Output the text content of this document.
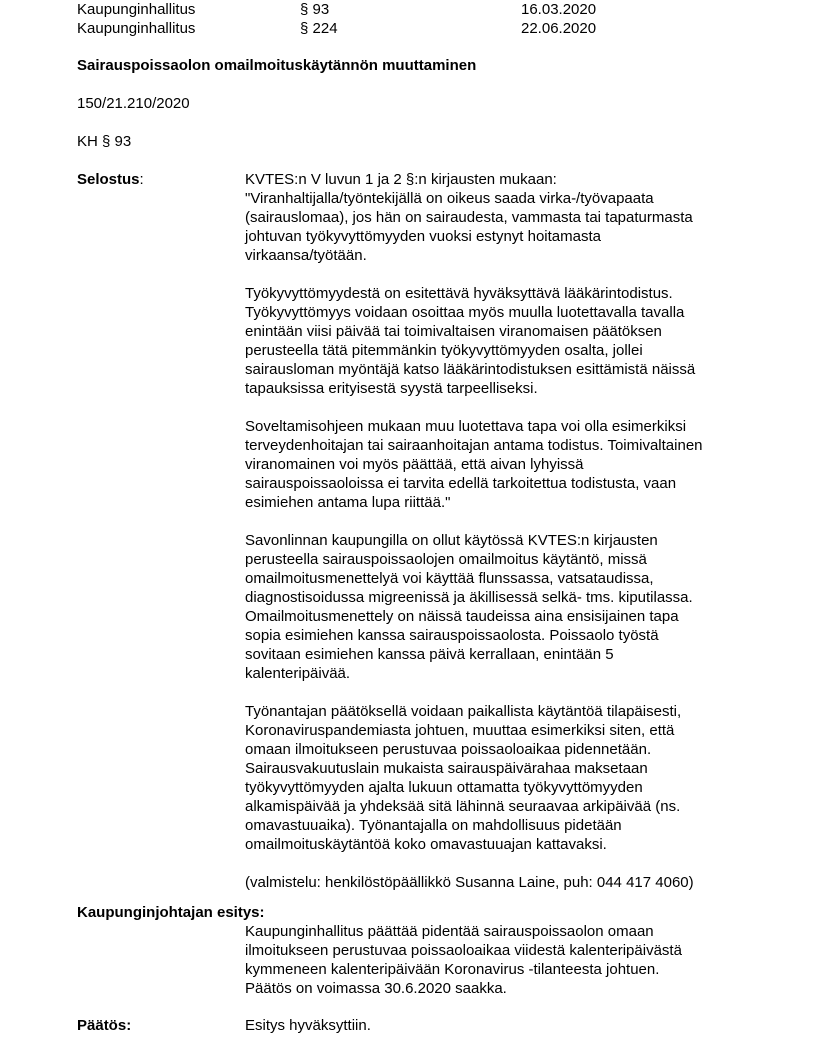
Kaupunginhallitus	§ 93	16.03.2020
Kaupunginhallitus	§ 224	22.06.2020
Sairauspoissaolon omailmoituskäytännön muuttaminen
150/21.210/2020
KH § 93
Selostus:	KVTES:n V luvun 1 ja 2 §:n kirjausten mukaan:
"Viranhaltijalla/työntekijällä on oikeus saada virka-/työvapaata
(sairauslomaa), jos hän on sairaudesta, vammasta tai tapaturmasta
johtuvan työkyvyttömyyden vuoksi estynyt hoitamasta
virkaansa/työtään.
Työkyvyttömyydestä on esitettävä hyväksyttävä lääkärintodistus.
Työkyvyttömyys voidaan osoittaa myös muulla luotettavalla tavalla
enintään viisi päivää tai toimivaltaisen viranomaisen päätöksen
perusteella tätä pitemmänkin työkyvyttömyyden osalta, jollei
sairausloman myöntäjä katso lääkärintodistuksen esittämistä näissä
tapauksissa erityisestä syystä tarpeelliseksi.
Soveltamisohjeen mukaan muu luotettava tapa voi olla esimerkiksi
terveydenhoitajan tai sairaanhoitajan antama todistus. Toimivaltainen
viranomainen voi myös päättää, että aivan lyhyissä
sairauspoissaoloissa ei tarvita edellä tarkoitettua todistusta, vaan
esimiehen antama lupa riittää."
Savonlinnan kaupungilla on ollut käytössä KVTES:n kirjausten
perusteella sairauspoissaolojen omailmoitus käytäntö, missä
omailmoitusmenettelyä voi käyttää flunssassa, vatsataudissa,
diagnostisoidussa migreenissä ja äkillisessä selkä- tms. kiputilassa.
Omailmoitusmenettely on näissä taudeissa aina ensisijainen tapa
sopia esimiehen kanssa sairauspoissaolosta. Poissaolo työstä
sovitaan esimiehen kanssa päivä kerrallaan, enintään 5
kalenteripäivää.
Työnantajan päätöksellä voidaan paikallista käytäntöä tilapäisesti,
Koronaviruspandemiasta johtuen, muuttaa esimerkiksi siten, että
omaan ilmoitukseen perustuvaa poissaoloaikaa pidennetään.
Sairausvakuutuslain mukaista sairauspäivärahaa maksetaan
työkyvyttömyyden ajalta lukuun ottamatta työkyvyttömyyden
alkamispäivää ja yhdeksää sitä lähinnä seuraavaa arkipäivää (ns.
omavastuuaika). Työnantajalla on mahdollisuus pidetään
omailmoituskäytäntöä koko omavastuuajan kattavaksi.
(valmistelu: henkilöstöpäällikkö Susanna Laine, puh: 044 417 4060)
Kaupunginjohtajan esitys:
Kaupunginhallitus päättää pidentää sairauspoissaolon omaan
ilmoitukseen perustuvaa poissaoloaikaa viidestä kalenteripäivästä
kymmeneen kalenteripäivään Koronavirus -tilanteesta johtuen.
Päätös on voimassa 30.6.2020 saakka.
Päätös:	Esitys hyväksyttiin.
